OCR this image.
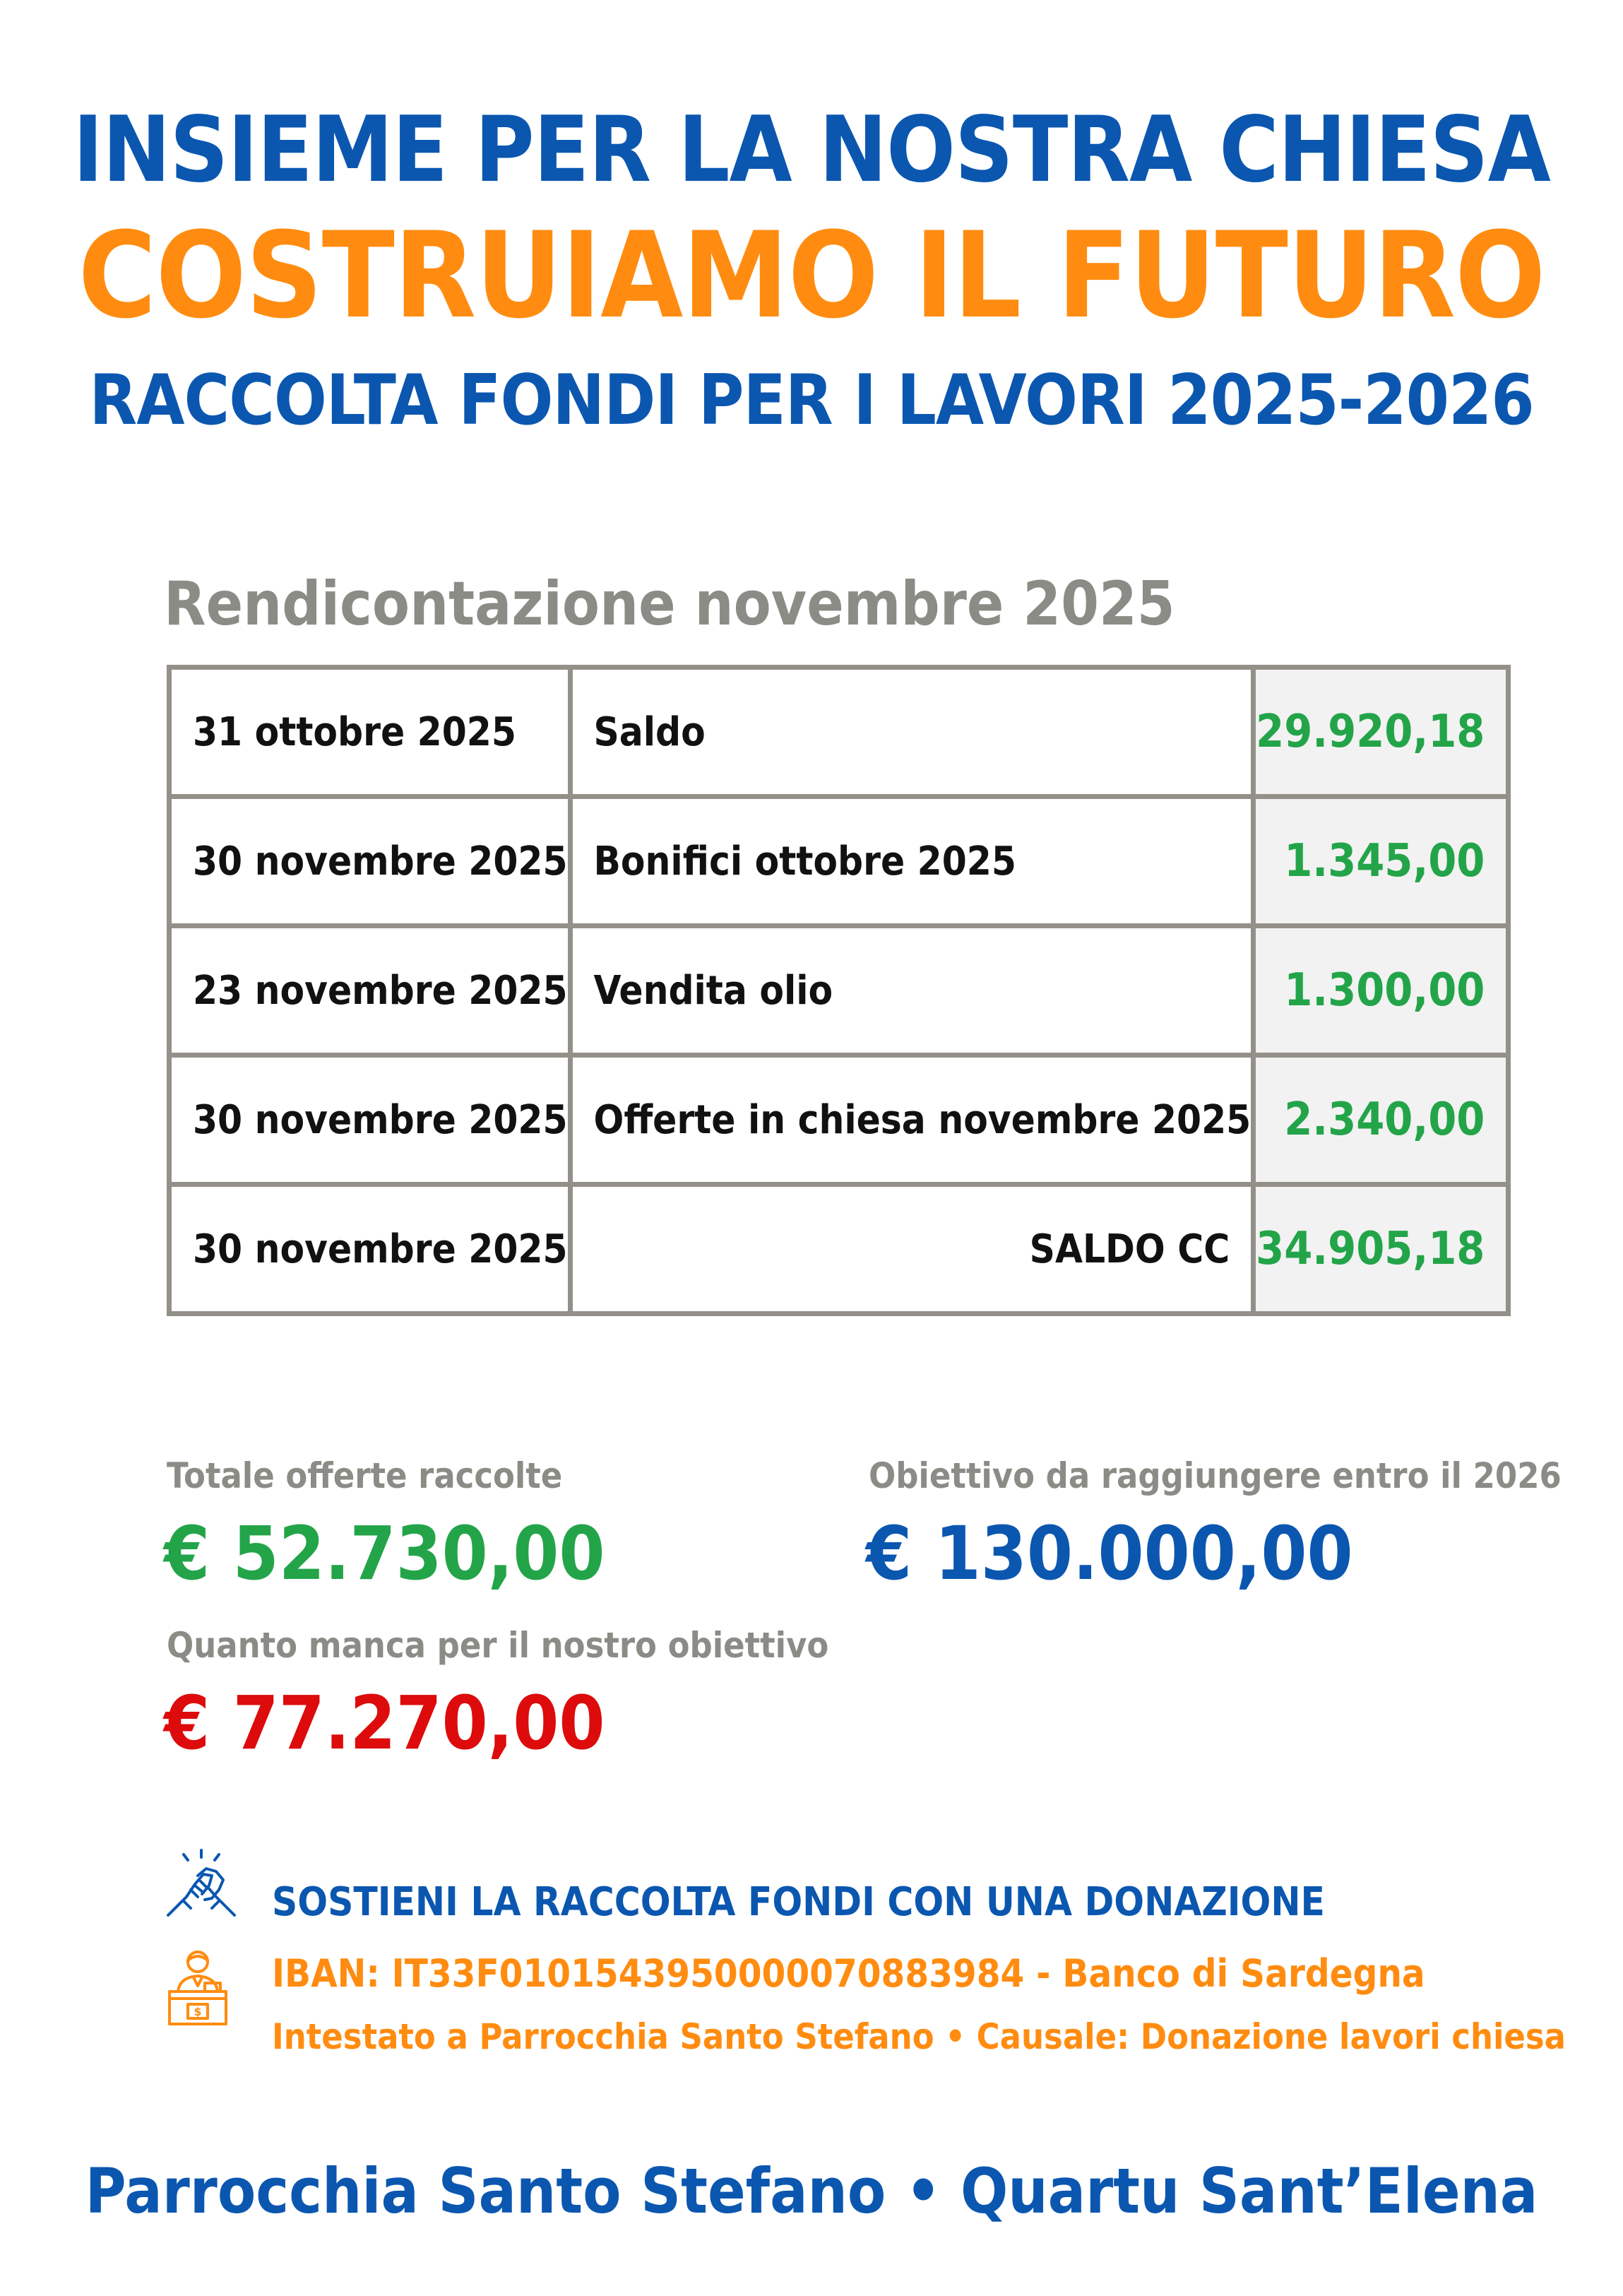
INSIEME PER LA NOSTRA CHIESA
COSTRUIAMO IL FUTURO
RACCOLTA FONDI PER I LAVORI 2025-2026
Rendicontazione novembre 2025
31 ottobre 2025	Saldo	29.920,18
30 novembre 2025	Bonifici ottobre 2025	1.345,00
23 novembre 2025	Vendita olio	1.300,00
30 novembre 2025	Offerte in chiesa novembre 2025	2.340,00
30 novembre 2025	SALDO CC	34.905,18
Totale offerte raccolte
€ 52.730,00
Obiettivo da raggiungere entro il 2026
€ 130.000,00
Quanto manca per il nostro obiettivo
€ 77.270,00
$
SOSTIENI LA RACCOLTA FONDI CON UNA DONAZIONE
IBAN: IT33F0101543950000070883984 - Banco di Sardegna
Intestato a Parrocchia Santo Stefano • Causale: Donazione lavori chiesa
Parrocchia Santo Stefano • Quartu Sant’Elena
